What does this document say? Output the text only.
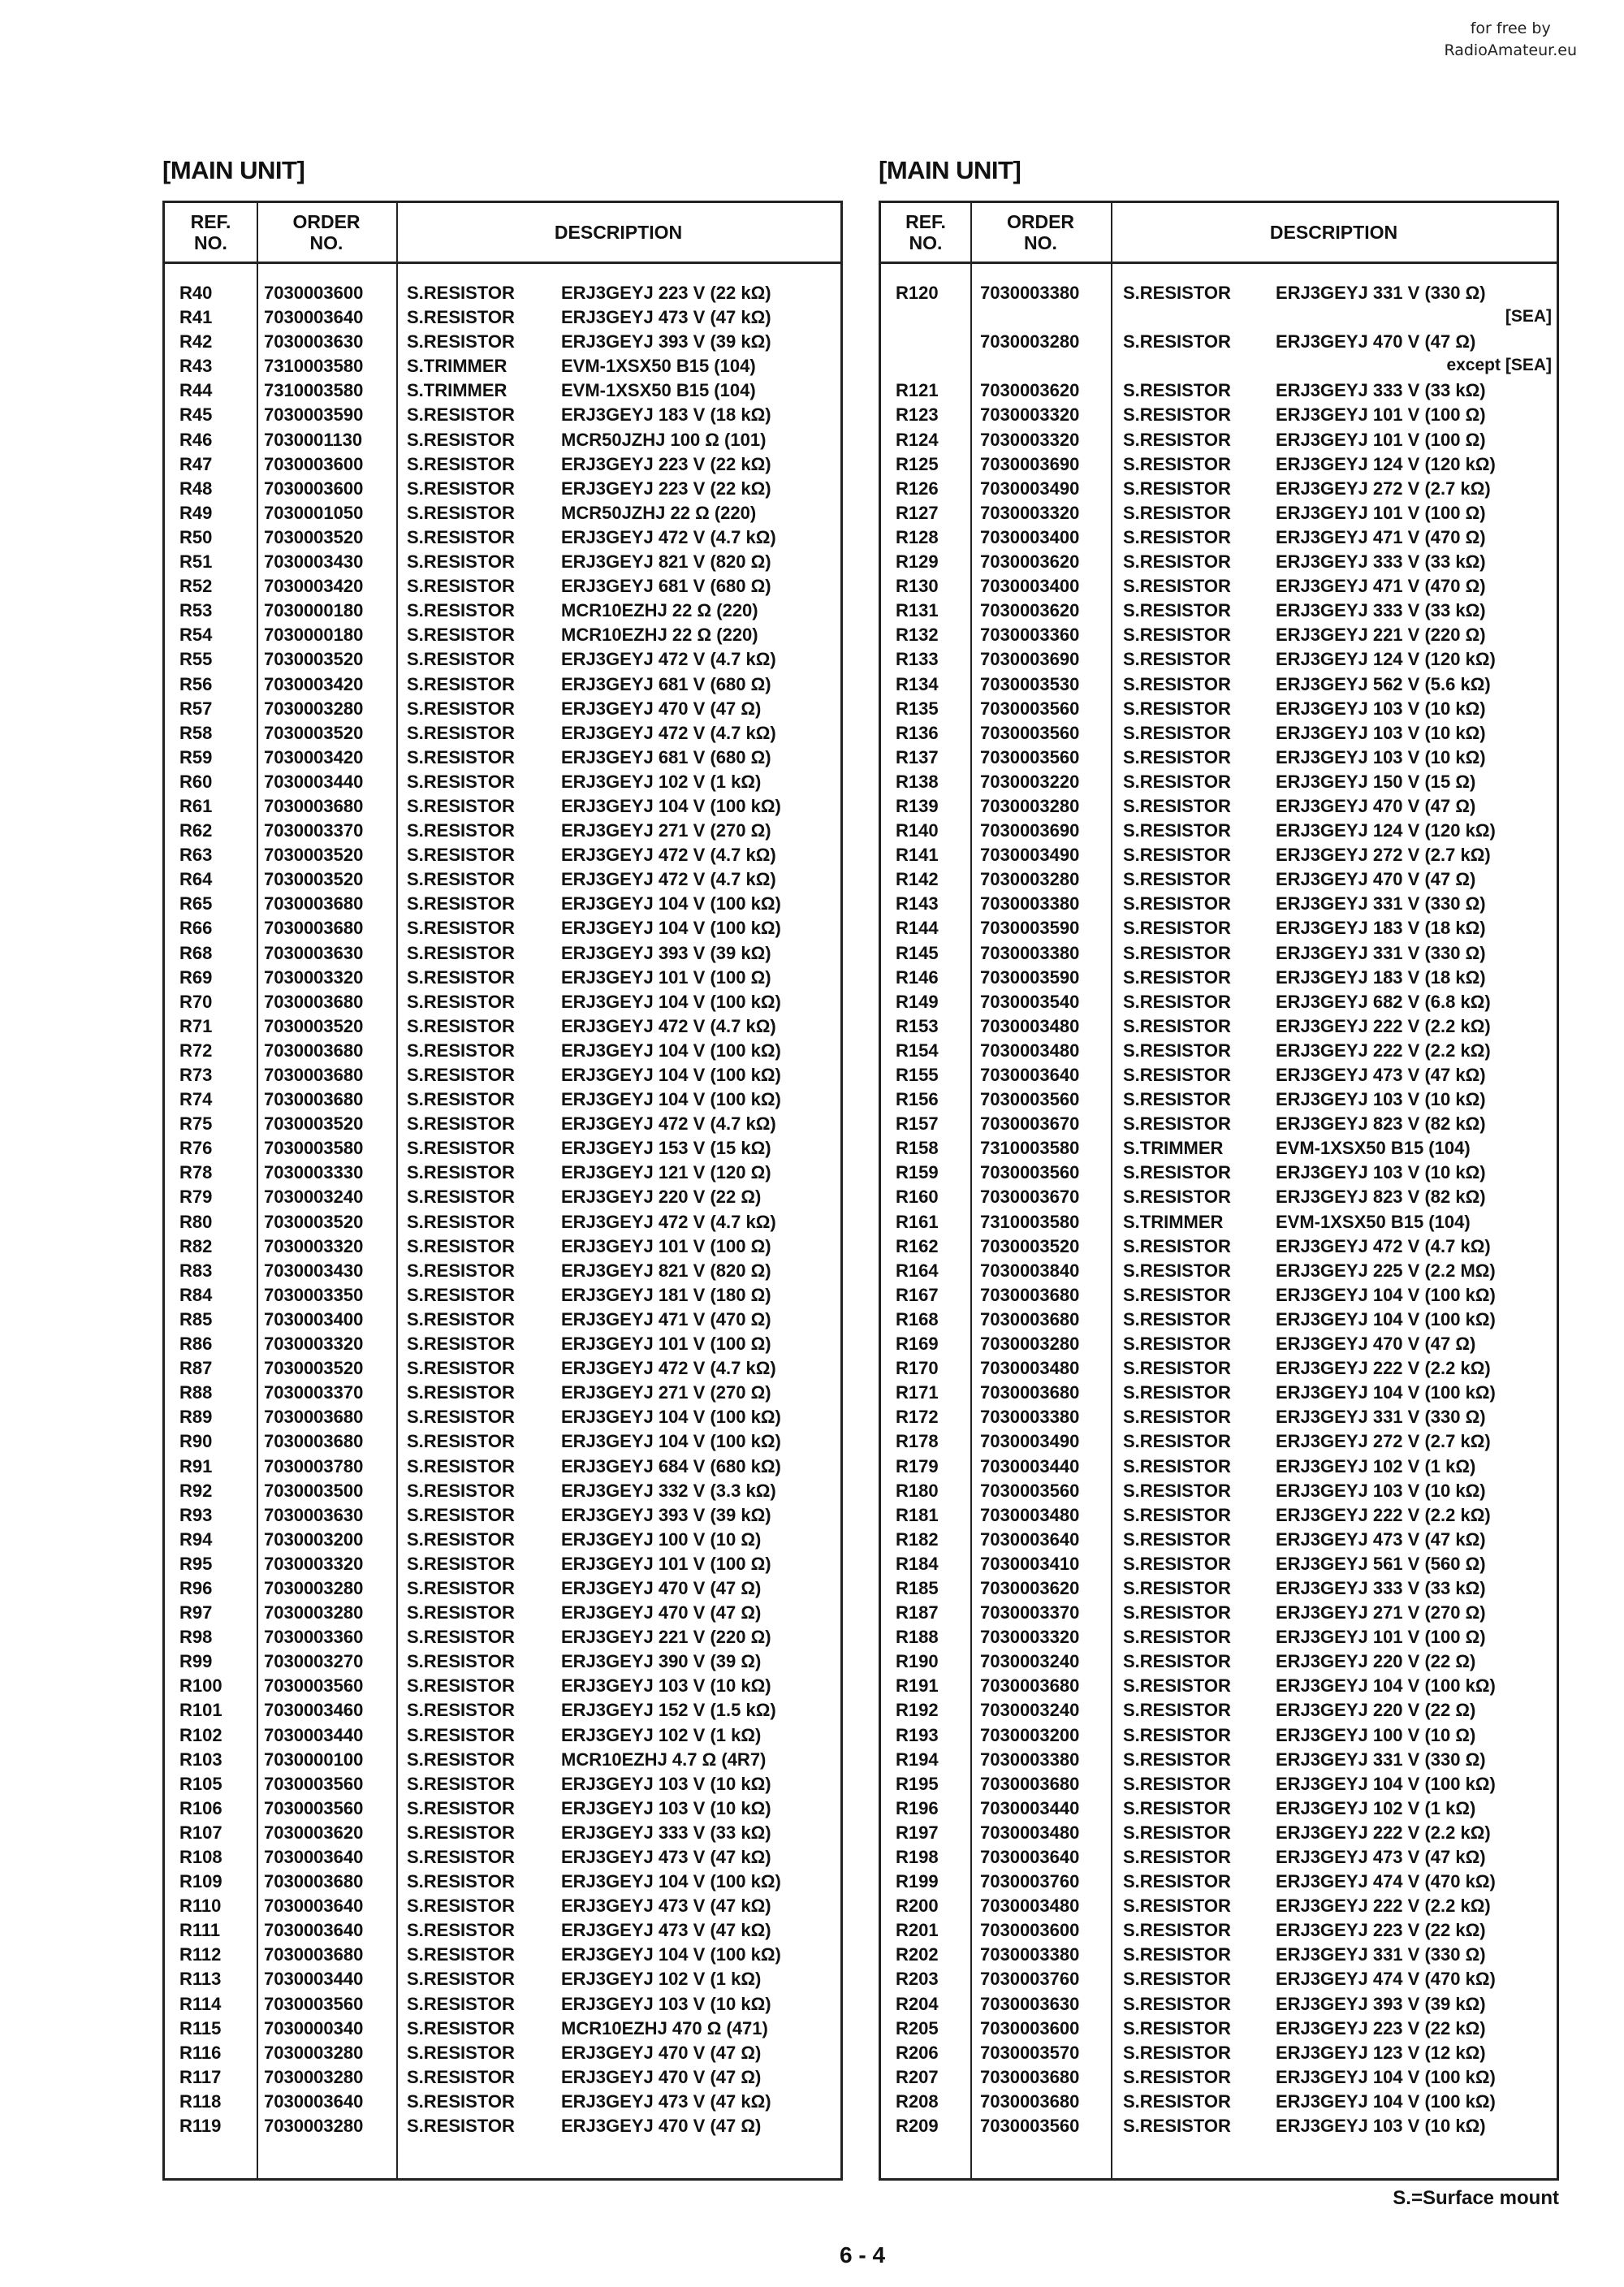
for free by
RadioAmateur.eu
[MAIN UNIT]	[MAIN UNIT]
REF.
NO.
ORDER
NO.	DESCRIPTION
R40	7030003600 S.RESISTOR	ERJ3GEYJ 223 V (22 kΩ)
R41	7030003640 S.RESISTOR	ERJ3GEYJ 473 V (47 kΩ)
R42	7030003630 S.RESISTOR	ERJ3GEYJ 393 V (39 kΩ)
R43	7310003580 S.TRIMMER	EVM-1XSX50 B15 (104)
R44	7310003580 S.TRIMMER	EVM-1XSX50 B15 (104)
R45	7030003590 S.RESISTOR	ERJ3GEYJ 183 V (18 kΩ)
R46	7030001130 S.RESISTOR	MCR50JZHJ 100 Ω (101)
R47	7030003600 S.RESISTOR	ERJ3GEYJ 223 V (22 kΩ)
R48	7030003600 S.RESISTOR	ERJ3GEYJ 223 V (22 kΩ)
R49	7030001050 S.RESISTOR	MCR50JZHJ 22 Ω (220)
R50	7030003520 S.RESISTOR	ERJ3GEYJ 472 V (4.7 kΩ)
R51	7030003430 S.RESISTOR	ERJ3GEYJ 821 V (820 Ω)
R52	7030003420 S.RESISTOR	ERJ3GEYJ 681 V (680 Ω)
R53	7030000180 S.RESISTOR	MCR10EZHJ 22 Ω (220)
R54	7030000180 S.RESISTOR	MCR10EZHJ 22 Ω (220)
R55	7030003520 S.RESISTOR	ERJ3GEYJ 472 V (4.7 kΩ)
R56	7030003420 S.RESISTOR	ERJ3GEYJ 681 V (680 Ω)
R57	7030003280 S.RESISTOR	ERJ3GEYJ 470 V (47 Ω)
R58	7030003520 S.RESISTOR	ERJ3GEYJ 472 V (4.7 kΩ)
R59	7030003420 S.RESISTOR	ERJ3GEYJ 681 V (680 Ω)
R60	7030003440 S.RESISTOR	ERJ3GEYJ 102 V (1 kΩ)
R61	7030003680 S.RESISTOR	ERJ3GEYJ 104 V (100 kΩ)
R62	7030003370 S.RESISTOR	ERJ3GEYJ 271 V (270 Ω)
R63	7030003520 S.RESISTOR	ERJ3GEYJ 472 V (4.7 kΩ)
R64	7030003520 S.RESISTOR	ERJ3GEYJ 472 V (4.7 kΩ)
R65	7030003680 S.RESISTOR	ERJ3GEYJ 104 V (100 kΩ)
R66	7030003680 S.RESISTOR	ERJ3GEYJ 104 V (100 kΩ)
R68	7030003630 S.RESISTOR	ERJ3GEYJ 393 V (39 kΩ)
R69	7030003320 S.RESISTOR	ERJ3GEYJ 101 V (100 Ω)
R70	7030003680 S.RESISTOR	ERJ3GEYJ 104 V (100 kΩ)
R71	7030003520 S.RESISTOR	ERJ3GEYJ 472 V (4.7 kΩ)
R72	7030003680 S.RESISTOR	ERJ3GEYJ 104 V (100 kΩ)
R73	7030003680 S.RESISTOR	ERJ3GEYJ 104 V (100 kΩ)
R74	7030003680 S.RESISTOR	ERJ3GEYJ 104 V (100 kΩ)
R75	7030003520 S.RESISTOR	ERJ3GEYJ 472 V (4.7 kΩ)
R76	7030003580 S.RESISTOR	ERJ3GEYJ 153 V (15 kΩ)
R78	7030003330 S.RESISTOR	ERJ3GEYJ 121 V (120 Ω)
R79	7030003240 S.RESISTOR	ERJ3GEYJ 220 V (22 Ω)
R80	7030003520 S.RESISTOR	ERJ3GEYJ 472 V (4.7 kΩ)
R82	7030003320 S.RESISTOR	ERJ3GEYJ 101 V (100 Ω)
R83	7030003430 S.RESISTOR	ERJ3GEYJ 821 V (820 Ω)
R84	7030003350 S.RESISTOR	ERJ3GEYJ 181 V (180 Ω)
R85	7030003400 S.RESISTOR	ERJ3GEYJ 471 V (470 Ω)
R86	7030003320 S.RESISTOR	ERJ3GEYJ 101 V (100 Ω)
R87	7030003520 S.RESISTOR	ERJ3GEYJ 472 V (4.7 kΩ)
R88	7030003370 S.RESISTOR	ERJ3GEYJ 271 V (270 Ω)
R89	7030003680 S.RESISTOR	ERJ3GEYJ 104 V (100 kΩ)
R90	7030003680 S.RESISTOR	ERJ3GEYJ 104 V (100 kΩ)
R91	7030003780 S.RESISTOR	ERJ3GEYJ 684 V (680 kΩ)
R92	7030003500 S.RESISTOR	ERJ3GEYJ 332 V (3.3 kΩ)
R93	7030003630 S.RESISTOR	ERJ3GEYJ 393 V (39 kΩ)
R94	7030003200 S.RESISTOR	ERJ3GEYJ 100 V (10 Ω)
R95	7030003320 S.RESISTOR	ERJ3GEYJ 101 V (100 Ω)
R96	7030003280 S.RESISTOR	ERJ3GEYJ 470 V (47 Ω)
R97	7030003280 S.RESISTOR	ERJ3GEYJ 470 V (47 Ω)
R98	7030003360 S.RESISTOR	ERJ3GEYJ 221 V (220 Ω)
R99	7030003270 S.RESISTOR	ERJ3GEYJ 390 V (39 Ω)
R100 7030003560 S.RESISTOR	ERJ3GEYJ 103 V (10 kΩ)
R101 7030003460 S.RESISTOR	ERJ3GEYJ 152 V (1.5 kΩ)
R102 7030003440 S.RESISTOR	ERJ3GEYJ 102 V (1 kΩ)
R103 7030000100 S.RESISTOR	MCR10EZHJ 4.7 Ω (4R7)
R105 7030003560 S.RESISTOR	ERJ3GEYJ 103 V (10 kΩ)
R106 7030003560 S.RESISTOR	ERJ3GEYJ 103 V (10 kΩ)
R107 7030003620 S.RESISTOR	ERJ3GEYJ 333 V (33 kΩ)
R108 7030003640 S.RESISTOR	ERJ3GEYJ 473 V (47 kΩ)
R109 7030003680 S.RESISTOR	ERJ3GEYJ 104 V (100 kΩ)
R110 7030003640 S.RESISTOR	ERJ3GEYJ 473 V (47 kΩ)
R111 7030003640 S.RESISTOR	ERJ3GEYJ 473 V (47 kΩ)
R112 7030003680 S.RESISTOR	ERJ3GEYJ 104 V (100 kΩ)
R113 7030003440 S.RESISTOR	ERJ3GEYJ 102 V (1 kΩ)
R114 7030003560 S.RESISTOR	ERJ3GEYJ 103 V (10 kΩ)
R115 7030000340 S.RESISTOR	MCR10EZHJ 470 Ω (471)
R116 7030003280 S.RESISTOR	ERJ3GEYJ 470 V (47 Ω)
R117 7030003280 S.RESISTOR	ERJ3GEYJ 470 V (47 Ω)
R118 7030003640 S.RESISTOR	ERJ3GEYJ 473 V (47 kΩ)
R119 7030003280 S.RESISTOR	ERJ3GEYJ 470 V (47 Ω)
REF.
NO.
ORDER
NO.	DESCRIPTION
R120 7030003380 S.RESISTOR	ERJ3GEYJ 331 V (330 Ω)
[SEA]
7030003280 S.RESISTOR	ERJ3GEYJ 470 V (47 Ω)
except [SEA]
R121 7030003620 S.RESISTOR	ERJ3GEYJ 333 V (33 kΩ)
R123 7030003320 S.RESISTOR	ERJ3GEYJ 101 V (100 Ω)
R124 7030003320 S.RESISTOR	ERJ3GEYJ 101 V (100 Ω)
R125 7030003690 S.RESISTOR	ERJ3GEYJ 124 V (120 kΩ)
R126 7030003490 S.RESISTOR	ERJ3GEYJ 272 V (2.7 kΩ)
R127 7030003320 S.RESISTOR	ERJ3GEYJ 101 V (100 Ω)
R128 7030003400 S.RESISTOR	ERJ3GEYJ 471 V (470 Ω)
R129 7030003620 S.RESISTOR	ERJ3GEYJ 333 V (33 kΩ)
R130 7030003400 S.RESISTOR	ERJ3GEYJ 471 V (470 Ω)
R131 7030003620 S.RESISTOR	ERJ3GEYJ 333 V (33 kΩ)
R132 7030003360 S.RESISTOR	ERJ3GEYJ 221 V (220 Ω)
R133 7030003690 S.RESISTOR	ERJ3GEYJ 124 V (120 kΩ)
R134 7030003530 S.RESISTOR	ERJ3GEYJ 562 V (5.6 kΩ)
R135 7030003560 S.RESISTOR	ERJ3GEYJ 103 V (10 kΩ)
R136 7030003560 S.RESISTOR	ERJ3GEYJ 103 V (10 kΩ)
R137 7030003560 S.RESISTOR	ERJ3GEYJ 103 V (10 kΩ)
R138 7030003220 S.RESISTOR	ERJ3GEYJ 150 V (15 Ω)
R139 7030003280 S.RESISTOR	ERJ3GEYJ 470 V (47 Ω)
R140 7030003690 S.RESISTOR	ERJ3GEYJ 124 V (120 kΩ)
R141 7030003490 S.RESISTOR	ERJ3GEYJ 272 V (2.7 kΩ)
R142 7030003280 S.RESISTOR	ERJ3GEYJ 470 V (47 Ω)
R143 7030003380 S.RESISTOR	ERJ3GEYJ 331 V (330 Ω)
R144 7030003590 S.RESISTOR	ERJ3GEYJ 183 V (18 kΩ)
R145 7030003380 S.RESISTOR	ERJ3GEYJ 331 V (330 Ω)
R146 7030003590 S.RESISTOR	ERJ3GEYJ 183 V (18 kΩ)
R149 7030003540 S.RESISTOR	ERJ3GEYJ 682 V (6.8 kΩ)
R153 7030003480 S.RESISTOR	ERJ3GEYJ 222 V (2.2 kΩ)
R154 7030003480 S.RESISTOR	ERJ3GEYJ 222 V (2.2 kΩ)
R155 7030003640 S.RESISTOR	ERJ3GEYJ 473 V (47 kΩ)
R156 7030003560 S.RESISTOR	ERJ3GEYJ 103 V (10 kΩ)
R157 7030003670 S.RESISTOR	ERJ3GEYJ 823 V (82 kΩ)
R158 7310003580 S.TRIMMER	EVM-1XSX50 B15 (104)
R159 7030003560 S.RESISTOR	ERJ3GEYJ 103 V (10 kΩ)
R160 7030003670 S.RESISTOR	ERJ3GEYJ 823 V (82 kΩ)
R161 7310003580 S.TRIMMER	EVM-1XSX50 B15 (104)
R162 7030003520 S.RESISTOR	ERJ3GEYJ 472 V (4.7 kΩ)
R164 7030003840 S.RESISTOR	ERJ3GEYJ 225 V (2.2 MΩ)
R167 7030003680 S.RESISTOR	ERJ3GEYJ 104 V (100 kΩ)
R168 7030003680 S.RESISTOR	ERJ3GEYJ 104 V (100 kΩ)
R169 7030003280 S.RESISTOR	ERJ3GEYJ 470 V (47 Ω)
R170 7030003480 S.RESISTOR	ERJ3GEYJ 222 V (2.2 kΩ)
R171 7030003680 S.RESISTOR	ERJ3GEYJ 104 V (100 kΩ)
R172 7030003380 S.RESISTOR	ERJ3GEYJ 331 V (330 Ω)
R178 7030003490 S.RESISTOR	ERJ3GEYJ 272 V (2.7 kΩ)
R179 7030003440 S.RESISTOR	ERJ3GEYJ 102 V (1 kΩ)
R180 7030003560 S.RESISTOR	ERJ3GEYJ 103 V (10 kΩ)
R181 7030003480 S.RESISTOR	ERJ3GEYJ 222 V (2.2 kΩ)
R182 7030003640 S.RESISTOR	ERJ3GEYJ 473 V (47 kΩ)
R184 7030003410 S.RESISTOR	ERJ3GEYJ 561 V (560 Ω)
R185 7030003620 S.RESISTOR	ERJ3GEYJ 333 V (33 kΩ)
R187 7030003370 S.RESISTOR	ERJ3GEYJ 271 V (270 Ω)
R188 7030003320 S.RESISTOR	ERJ3GEYJ 101 V (100 Ω)
R190 7030003240 S.RESISTOR	ERJ3GEYJ 220 V (22 Ω)
R191 7030003680 S.RESISTOR	ERJ3GEYJ 104 V (100 kΩ)
R192 7030003240 S.RESISTOR	ERJ3GEYJ 220 V (22 Ω)
R193 7030003200 S.RESISTOR	ERJ3GEYJ 100 V (10 Ω)
R194 7030003380 S.RESISTOR	ERJ3GEYJ 331 V (330 Ω)
R195 7030003680 S.RESISTOR	ERJ3GEYJ 104 V (100 kΩ)
R196 7030003440 S.RESISTOR	ERJ3GEYJ 102 V (1 kΩ)
R197 7030003480 S.RESISTOR	ERJ3GEYJ 222 V (2.2 kΩ)
R198 7030003640 S.RESISTOR	ERJ3GEYJ 473 V (47 kΩ)
R199 7030003760 S.RESISTOR	ERJ3GEYJ 474 V (470 kΩ)
R200 7030003480 S.RESISTOR	ERJ3GEYJ 222 V (2.2 kΩ)
R201 7030003600 S.RESISTOR	ERJ3GEYJ 223 V (22 kΩ)
R202 7030003380 S.RESISTOR	ERJ3GEYJ 331 V (330 Ω)
R203 7030003760 S.RESISTOR	ERJ3GEYJ 474 V (470 kΩ)
R204 7030003630 S.RESISTOR	ERJ3GEYJ 393 V (39 kΩ)
R205 7030003600 S.RESISTOR	ERJ3GEYJ 223 V (22 kΩ)
R206 7030003570 S.RESISTOR	ERJ3GEYJ 123 V (12 kΩ)
R207 7030003680 S.RESISTOR	ERJ3GEYJ 104 V (100 kΩ)
R208 7030003680 S.RESISTOR	ERJ3GEYJ 104 V (100 kΩ)
R209 7030003560 S.RESISTOR	ERJ3GEYJ 103 V (10 kΩ)
S.=Surface mount
6 - 4
